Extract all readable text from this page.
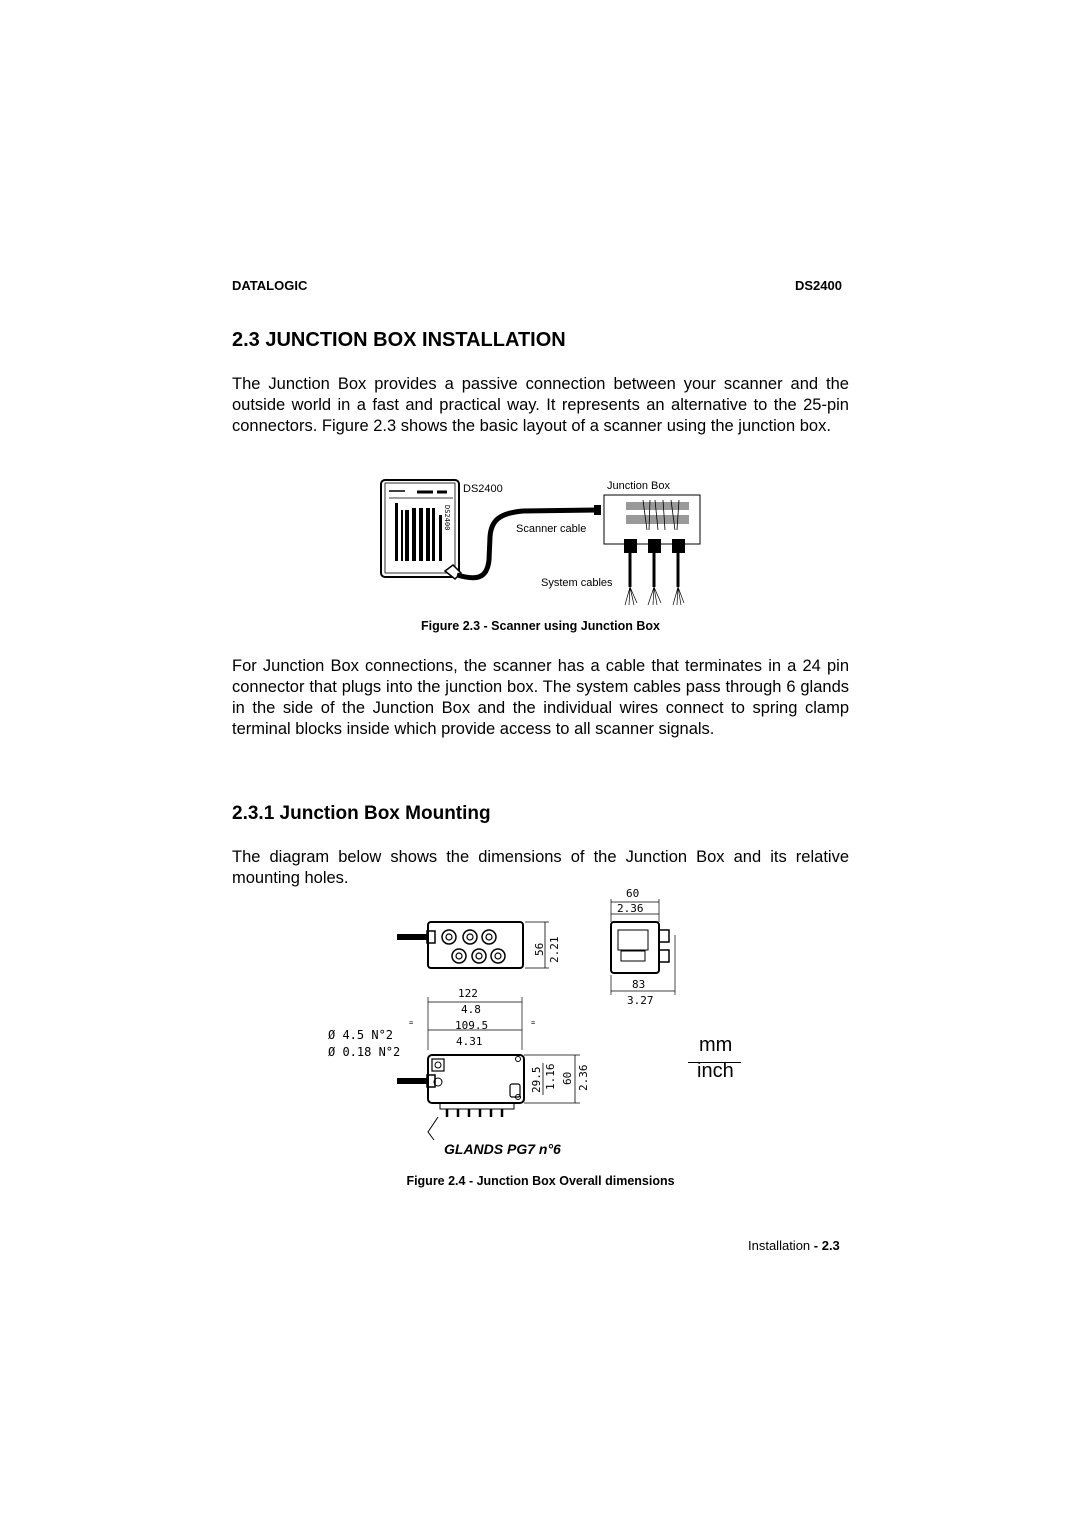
DATALOGIC	DS2400
2.3 JUNCTION BOX INSTALLATION
The Junction Box provides a passive connection between your scanner and the outside world in a fast and practical way. It represents an alternative to the 25-pin connectors. Figure 2.3 shows the basic layout of a scanner using the junction box.
DS2400
DS2400	Junction Box
Scanner cable
System cables
Figure 2.3 - Scanner using Junction Box
For Junction Box connections, the scanner has a cable that terminates in a 24 pin connector that plugs into the junction box. The system cables pass through 6 glands in the side of the Junction Box and the individual wires connect to spring clamp terminal blocks inside which provide access to all scanner signals.
2.3.1 Junction Box Mounting
The diagram below shows the dimensions of the Junction Box and its relative mounting holes.
56 2.21
60
2.36
83
3.27
122
4.8
109.5
4.31
=	=
Ø 4.5 N°2
Ø 0.18 N°2
29.5 1.16 60 2.36
GLANDS PG7 n°6
mm
inch
Figure 2.4 - Junction Box Overall dimensions
Installation - 2.3
